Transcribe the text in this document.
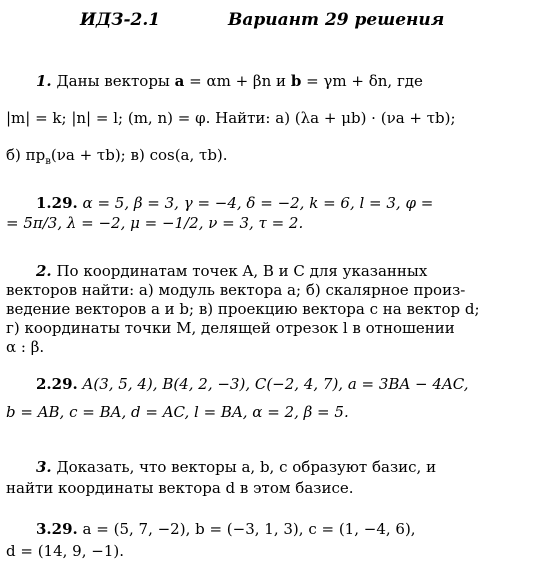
ИДЗ-2.1	Вариант 29 решения
1. Даны векторы a = αm + βn и b = γm + δn, где
|m| = k; |n| = l; (m, n) = φ. Найти: а) (λa + μb) · (νa + τb);
б) $пр_в(\nu a + \tau b)$; в) cos(a, τb).
1.29. α = 5, β = 3, γ = −4, δ = −2, k = 6, l = 3, φ =
= 5π/3, λ = −2, μ = −1/2, ν = 3, τ = 2.
2. По координатам точек A, B и C для указанных
векторов найти: а) модуль вектора a; б) скалярное произ-
ведение векторов a и b; в) проекцию вектора c на вектор d;
г) координаты точки M, делящей отрезок l в отношении
α : β.
2.29. A(3, 5, 4), B(4, 2, −3), C(−2, 4, 7), a = 3BA − 4AC,
b = AB, c = BA, d = AC, l = BA, α = 2, β = 5.
3. Доказать, что векторы a, b, c образуют базис, и
найти координаты вектора d в этом базисе.
3.29. a = (5, 7, −2), b = (−3, 1, 3), c = (1, −4, 6),
d = (14, 9, −1).
